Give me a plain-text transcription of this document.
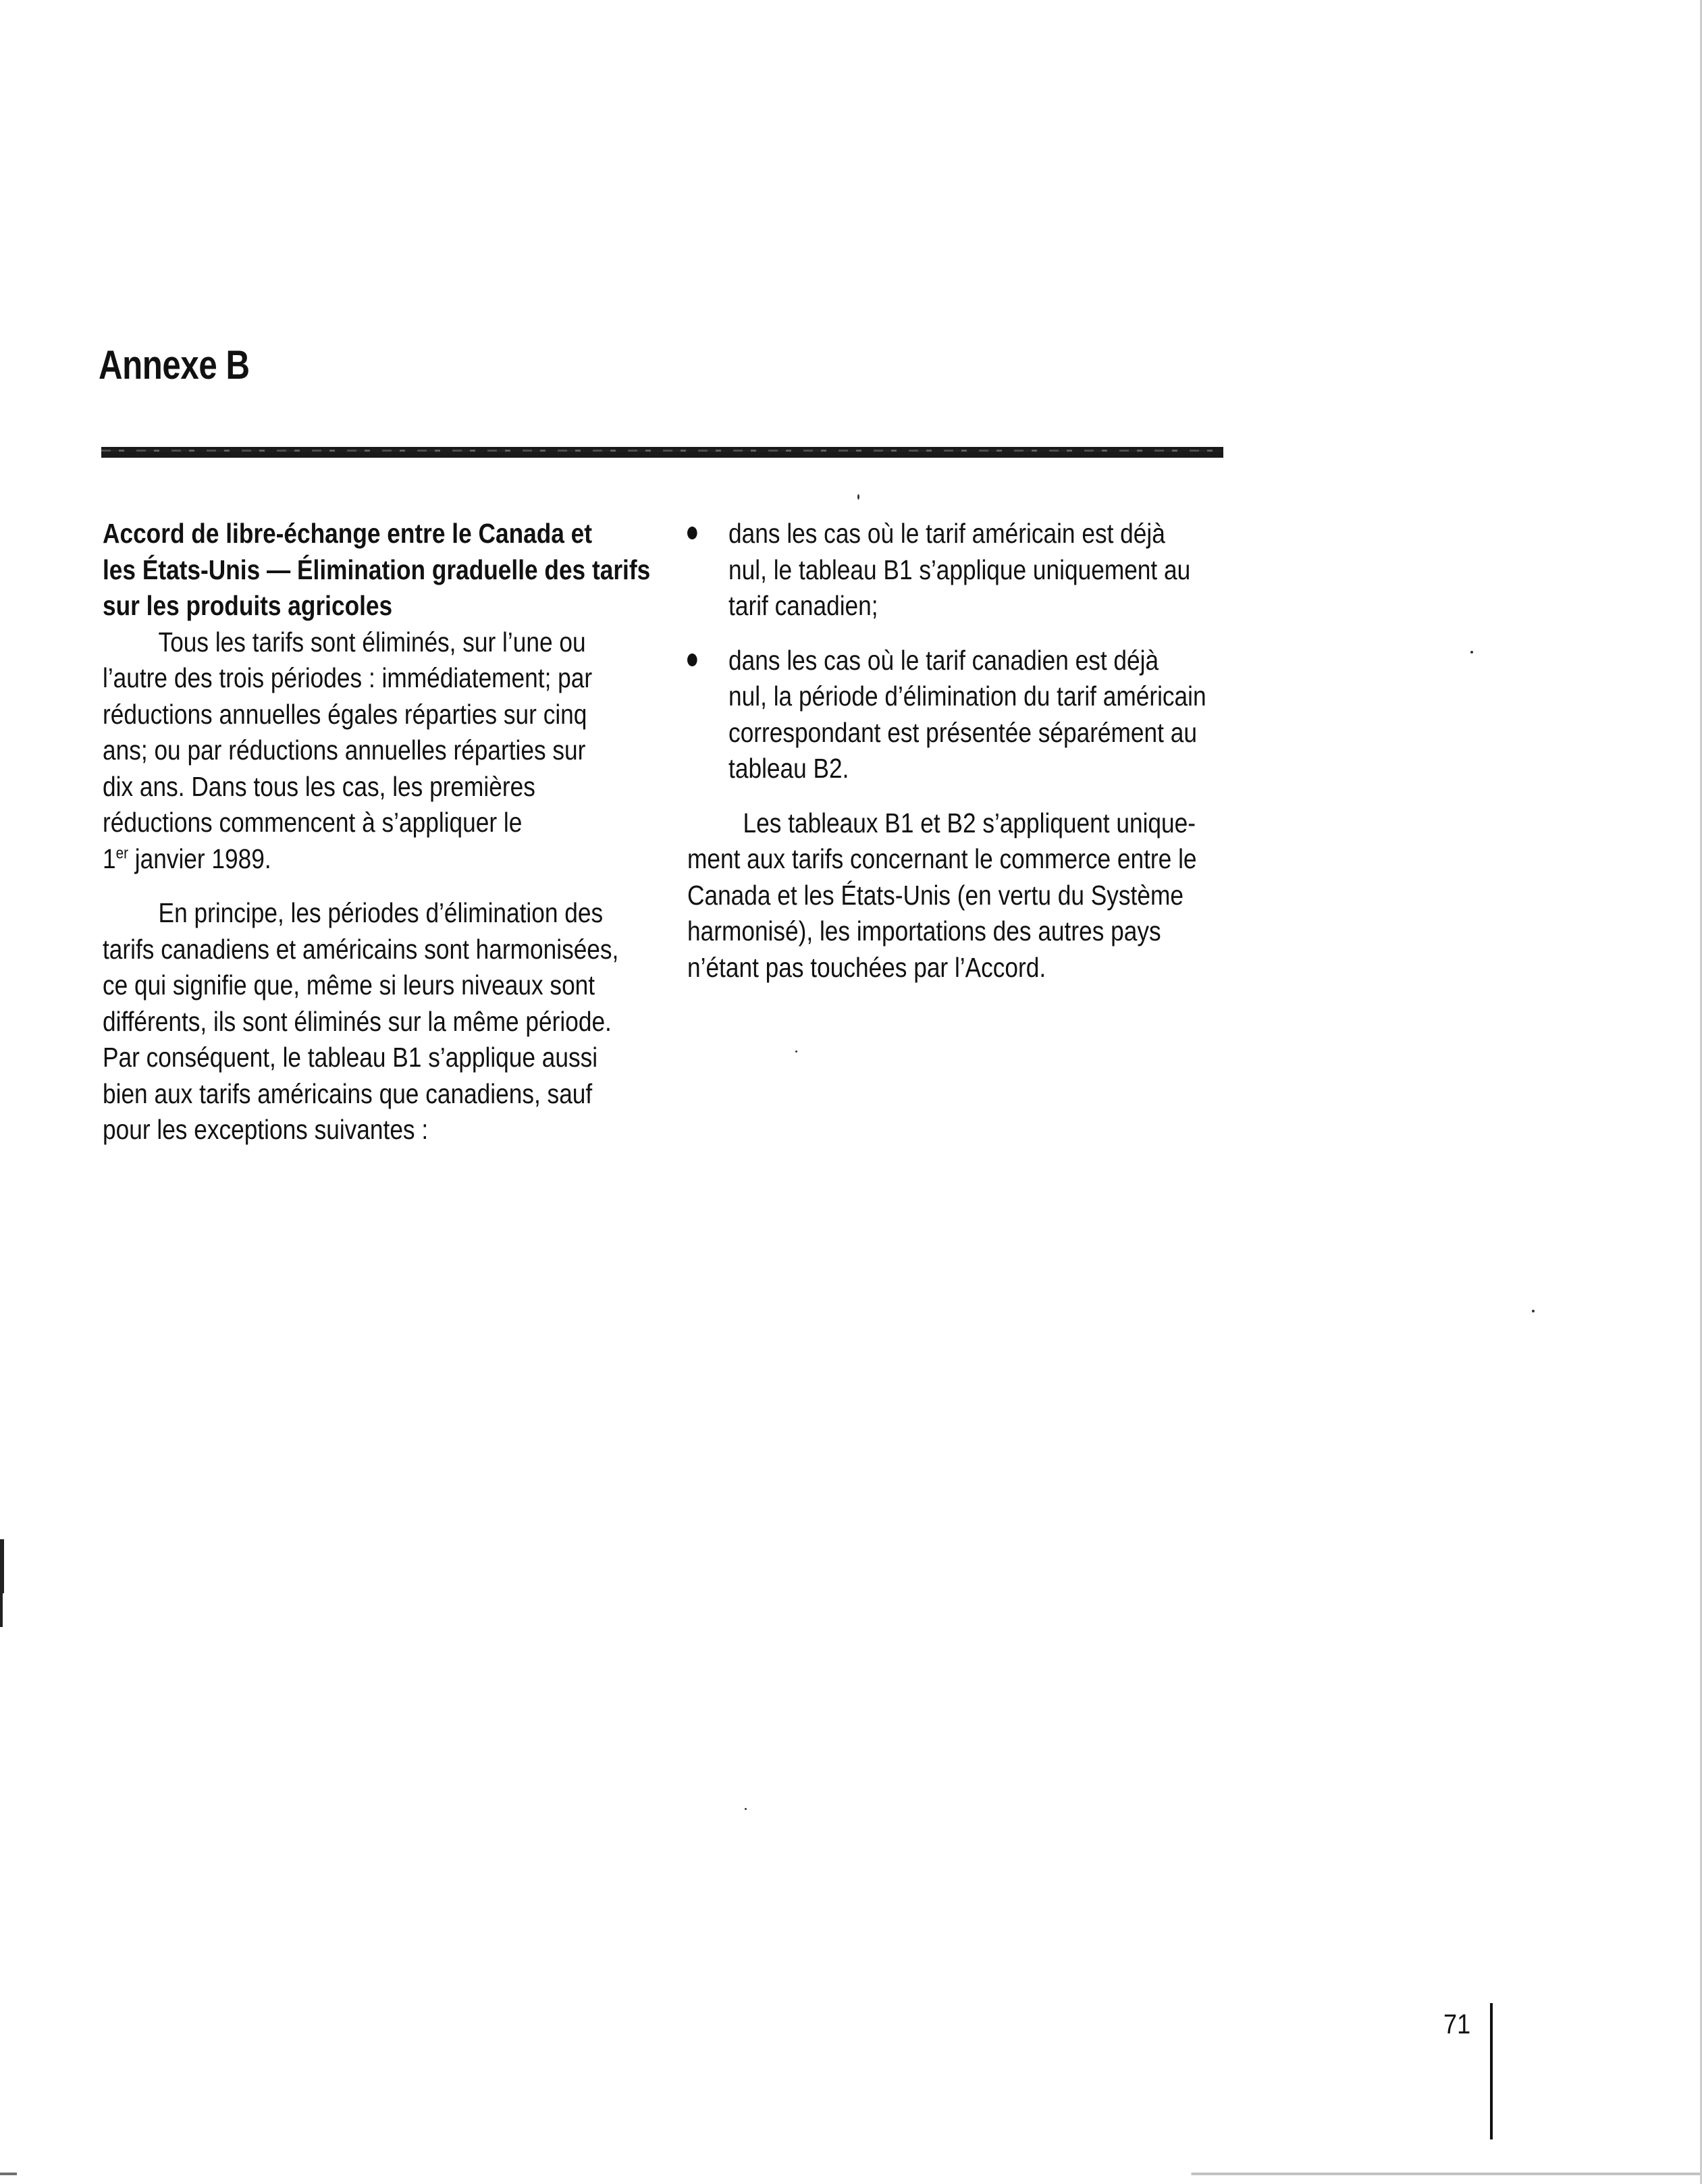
Annexe B
Accord de libre-échange entre le Canada et
les États-Unis — Élimination graduelle des tarifs
sur les produits agricoles
Tous les tarifs sont éliminés, sur l’une ou
l’autre des trois périodes : immédiatement; par
réductions annuelles égales réparties sur cinq
ans; ou par réductions annuelles réparties sur
dix ans. Dans tous les cas, les premières
réductions commencent à s’appliquer le
1er janvier 1989.
En principe, les périodes d’élimination des
tarifs canadiens et américains sont harmonisées,
ce qui signifie que, même si leurs niveaux sont
différents, ils sont éliminés sur la même période.
Par conséquent, le tableau B1 s’applique aussi
bien aux tarifs américains que canadiens, sauf
pour les exceptions suivantes :
dans les cas où le tarif américain est déjà
nul, le tableau B1 s’applique uniquement au
tarif canadien;
dans les cas où le tarif canadien est déjà
nul, la période d’élimination du tarif américain
correspondant est présentée séparément au
tableau B2.
Les tableaux B1 et B2 s’appliquent unique-
ment aux tarifs concernant le commerce entre le
Canada et les États-Unis (en vertu du Système
harmonisé), les importations des autres pays
n’étant pas touchées par l’Accord.
71
